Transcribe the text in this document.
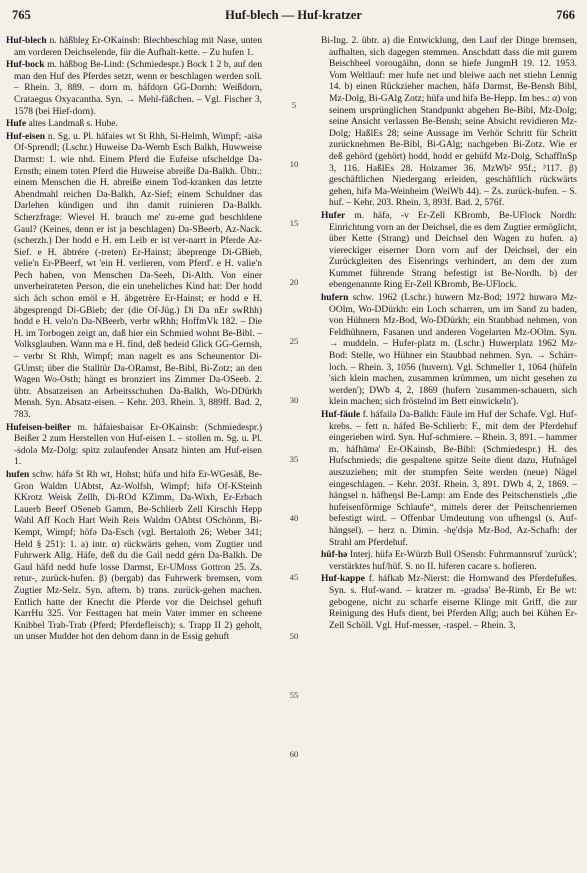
765	Huf-blech — Huf-kratzer	766

Huf-blech n. háßbleχ Er-OKainsb: Blechbeschlag mit Nase, unten am vorderen Deichselende, für die Aufhalt-kette. – Zu hufen 1.

Huf-bock m. háßbog Be-Lind: (Schmiedespr.) Bock 1 2 b, auf den man den Huf des Pferdes setzt, wenn er beschlagen werden soll. – Rhein. 3, 889. – dorn m. háfdo̜rn GG-Dornh: Weißdorn, Crataegus Oxyacantha. Syn. → Mehl-fäßchen. – Vgl. Fischer 3, 1578 (bei Hief-dorn).

Hufe altes Landmaß s. Hube.

Huf-eisen n. Sg. u. Pl. háfaies wt St Rhh, Si-Helmh, Wimpf; -aiṡə Of-Sprendl; (Lschr.) Huweise Da-Wemb Esch Balkh, Huwweise Darmst: 1. wie nhd. Einem Pferd die Eufeise ufscheldge Da-Ernsth; einem toten Pferd die Huweise abreiße Da-Balkh. Übtr.: einem Menschen die H. abreiße einem Tod-kranken das letzte Abendmahl reichen Da-Balkh, Az-Sief; einem Schuldner das Darlehen kündigen und ihn damit ruinieren Da-Balkh. Scherzfrage: Wievel H. brauch me' zu-eme gud beschldene Gaul? (Keines, denn er ist ja beschlagen) Da-SBeerb, Az-Nack. (scherzh.) Der hodd e H. em Leib er ist ver-narrt in Pferde Az-Sief. e H. äbtrére (-treten) Er-Hainst; äbeprenge Di-GBieb, velie'n Er-PBeerf, wt 'ein H. verlieren, vom Pferd'. e H. valie'n Pech haben, von Menschen Da-Seeh, Di-Alth. Von einer unverheirateten Person, die ein uneheliches Kind hat: Der hodd sich äch schon emöl e H. äbgetrère Er-Hainst; er hodd e H. äbgesprengd Di-GBieb; der (die Of-Jüg.) Di Da nEr swRhh) hodd e H. velo'n Da-NBeerb, verbr wRhh; HoffmVk 182. – Die H. im Torbogen zeigt an, daß hier ein Schmied wohnt Be-Bibl. – Volksglauben. Wann ma e H. find, deß bedeid Glick GG-Gernsh, – verbr St Rhh, Wimpf; man nagelt es ans Scheunentor Di-GUmst; über die Stalltür Da-ORamst, Be-Bibl, Bi-Zotz; an den Wagen Wo-Osth; hängt es bronziert ins Zimmer Da-OSeeb. 2. übtr. Absatzeisen an Arbeitsschuhen Da-Balkh, Wo-DDürkh Mensh. Syn. Absatz-eisen. – Kehr. 203. Rhein. 3, 889ff. Bad. 2, 783.

Hufeisen-beißer m. háfaiesbaisər Er-OKainsb: (Schmiedespr.) Beißer 2 zum Herstellen von Huf-eisen 1. – stollen m. Sg. u. Pl. -ṡdolə Mz-Dolg: spitz zulaufender Ansatz hinten am Huf-eisen 1.

hufen schw. háfə St Rh wt, Hohst; hüfə und hifə Er-WGesäß, Be-Gron Waldm UAbtst, Az-Wolfsh, Wimpf; hifə Of-KSteinh KKrotz Weisk Zellh, Di-ROd KZimm, Da-Wixh, Er-Erbach Lauerb Beerf OSeneb Gamm, Be-Schlierb Zell Kirschh Hepp Wahl Aff Koch Hart Weih Reis Waldm OAbtst OSchönm, Bi-Kempt, Wimpf; höfə Da-Esch (vgl. Bertaloth 26; Weber 341; Held § 251): 1. a) intr. α) rückwärts gehen, vom Zugtier und Fuhrwerk Allg. Häfe, deß du die Gail nedd gérn Da-Balkh. De Gaul häfd nedd hufe losse Darmst, Er-UMoss Gottron 25. Zs. retur-, zurück-hufen. β) (bergab) das Fuhrwerk bremsen, vom Zugtier Mz-Selz. Syn. aftern. b) trans. zurück-gehen machen. Entlich hatte der Knecht die Pferde vor die Deichsel gehuft KarrHu 325. Vor Festtagen hat mein Vater immer en scheene Knibbel Trab-Trab (Pferd; Pferdefleisch); s. Trapp II 2) geholt, un unser Mudder hot den dehom dann in de Essig gehuft

5
10
15
20
25
30
35
40
45
50
55
60

Bi-Ing. 2. übtr. a) die Entwicklung, den Lauf der Dinge bremsen, aufhalten, sich dagegen stemmen. Anschdatt dass die mit gurem Beischbeel vorougáihn, donn se hiefe JungmH 19. 12. 1953. Vom Weltlauf: mer hufe net und bleiwe aach net stiehn Lennig 14. b) einen Rückzieher machen, häfə Darmst, Be-Bensh Bibl, Mz-Dolg, Bi-GAlg Zotz; hüfə und hifə Be-Hepp. Im bes.: α) von seinem ursprünglichen Standpunkt abgehen Be-Bibl, Mz-Dolg; seine Ansicht verlassen Be-Bensh; seine Absicht revidieren Mz-Dolg; HaßlEs 28; seine Aussage im Verhör Schritt für Schritt zurücknehmen Be-Bibl, Bi-GAlg; nachgeben Bi-Zotz. Wie er deß gehörd (gehört) hodd, hodd er gehüfd Mz-Dolg, SchafflnSp 3, 116. HaßlEs 28. Holzamer 36. MzWb² 95f.; ³117. β) geschäftlichen Niedergang erleiden, geschäftlich rückwärts gehen, hifə Ma-Weinheim (WeiWb 44). – Zs. zurück-hufen. – S. huf. – Kehr. 203. Rhein. 3, 893f. Bad. 2, 576f.

Hufer m. háfə, -v Er-Zell KBromb, Be-UFlock Nordh: Einrichtung vorn an der Deichsel, die es dem Zugtier ermöglicht, über Kette (Strang) und Deichsel den Wagen zu hufen. a) viereckiger eiserner Dorn vorn auf der Deichsel, der ein Zurückgleiten des Eisenrings verhindert, an dem der zum Kummet führende Strang befestigt ist Be-Nordh. b) der ebengenannte Ring Er-Zell KBromb, Be-UFlock.

hufern schw. 1962 (Lschr.) huwern Mz-Bod; 1972 huwərə Mz-OOlm, Wo-DDürkh: ein Loch scharren, um im Sand zu baden, von Hühnern Mz-Bod, Wo-DDürkh; ein Staubbad nehmen, von Feldhühnern, Fasanen und anderen Vogelarten Mz-OOlm. Syn. → muddeln. – Hufer-platz m. (Lschr.) Huwerplatz 1962 Mz-Bod: Stelle, wo Hühner ein Staubbad nehmen. Syn. → Schärr-loch. – Rhein. 3, 1056 (huvern). Vgl. Schmeller 1, 1064 (hüfeln 'sich klein machen, zusammen krümmen, um nicht gesehen zu werden'); DWb 4, 2, 1869 (hufern 'zusammen-schauern, sich klein machen; sich fröstelnd im Bett einwickeln').

Huf-fäule f. háfailə Da-Balkh: Fäule im Huf der Schafe. Vgl. Huf-krebs. – fett n. háfed Be-Schlierb: F., mit dem der Pferdehuf eingerieben wird. Syn. Huf-schmiere. – Rhein. 3, 891. – hammer m. háfhāmə' Er-OKainsb, Be-Bibl: (Schmiedespr.) H. des Hufschmieds; die gespaltene spitze Seite dient dazu, Hufnägel auszuziehen; mit der stumpfen Seite werden (neue) Nägel eingeschlagen. – Kehr. 203f. Rhein. 3, 891. DWb 4, 2, 1869. – hängsel n. háfheŋsl Be-Lamp: am Ende des Peitschenstiels „die hufeisenförmige Schlaufe“, mittels derer der Peitschenriemen befestigt wird. – Offenbar Umdeutung von ufhengsl (s. Auf-hängsel). – herz n. Dimin. -hę'dsjə Mz-Bod, Az-Schafh: der Strahl am Pferdehuf.

hüf-hə Interj. hüfə Er-Würzb Bull OSensb: Fuhrmannsruf 'zurück'; verstärktes huf/hüf. S. no II. hiferen cacare s. hofieren.

Huf-kappe f. háfkab Mz-Nierst: die Hornwand des Pferdefußes. Syn. s. Huf-wand. – kratzer m. -gradsə' Be-Rimb, Er Be wt: gebogene, nicht zu scharfe eiserne Klinge mit Griff, die zur Reinigung des Hufs dient, bei Pferden Allg; auch bei Kühen Er-Zell Schöll. Vgl. Huf-messer, -raspel. – Rhein. 3,
